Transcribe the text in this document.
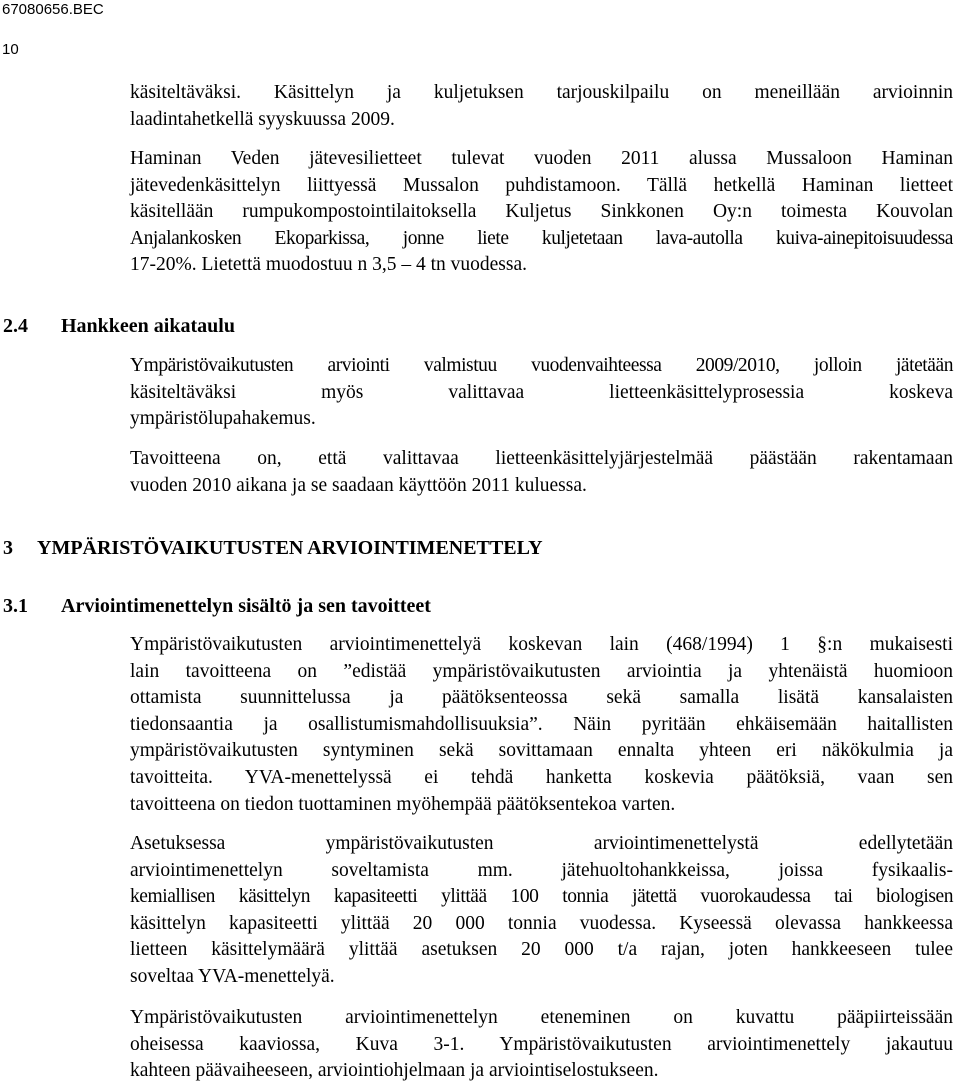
67080656.BEC
10
käsiteltäväksi. Käsittelyn ja kuljetuksen tarjouskilpailu on meneillään arvioinnin
laadintahetkellä syyskuussa 2009.
Haminan Veden jätevesilietteet tulevat vuoden 2011 alussa Mussaloon Haminan
jätevedenkäsittelyn liittyessä Mussalon puhdistamoon. Tällä hetkellä Haminan lietteet
käsitellään rumpukompostointilaitoksella Kuljetus Sinkkonen Oy:n toimesta Kouvolan
Anjalankosken Ekoparkissa, jonne liete kuljetetaan lava-autolla kuiva-ainepitoisuudessa
17-20%. Lietettä muodostuu n 3,5 – 4 tn vuodessa.
2.4 Hankkeen aikataulu
Ympäristövaikutusten arviointi valmistuu vuodenvaihteessa 2009/2010, jolloin jätetään
käsiteltäväksi myös valittavaa lietteenkäsittelyprosessia koskeva
ympäristölupahakemus.
Tavoitteena on, että valittavaa lietteenkäsittelyjärjestelmää päästään rakentamaan
vuoden 2010 aikana ja se saadaan käyttöön 2011 kuluessa.
3 YMPÄRISTÖVAIKUTUSTEN ARVIOINTIMENETTELY
3.1 Arviointimenettelyn sisältö ja sen tavoitteet
Ympäristövaikutusten arviointimenettelyä koskevan lain (468/1994) 1 §:n mukaisesti
lain tavoitteena on ”edistää ympäristövaikutusten arviointia ja yhtenäistä huomioon
ottamista suunnittelussa ja päätöksenteossa sekä samalla lisätä kansalaisten
tiedonsaantia ja osallistumismahdollisuuksia”. Näin pyritään ehkäisemään haitallisten
ympäristövaikutusten syntyminen sekä sovittamaan ennalta yhteen eri näkökulmia ja
tavoitteita. YVA-menettelyssä ei tehdä hanketta koskevia päätöksiä, vaan sen
tavoitteena on tiedon tuottaminen myöhempää päätöksentekoa varten.
Asetuksessa ympäristövaikutusten arviointimenettelystä edellytetään
arviointimenettelyn soveltamista mm. jätehuoltohankkeissa, joissa fysikaalis-
kemiallisen käsittelyn kapasiteetti ylittää 100 tonnia jätettä vuorokaudessa tai biologisen
käsittelyn kapasiteetti ylittää 20 000 tonnia vuodessa. Kyseessä olevassa hankkeessa
lietteen käsittelymäärä ylittää asetuksen 20 000 t/a rajan, joten hankkeeseen tulee
soveltaa YVA-menettelyä.
Ympäristövaikutusten arviointimenettelyn eteneminen on kuvattu pääpiirteissään
oheisessa kaaviossa, Kuva 3-1. Ympäristövaikutusten arviointimenettely jakautuu
kahteen päävaiheeseen, arviointiohjelmaan ja arviointiselostukseen.
